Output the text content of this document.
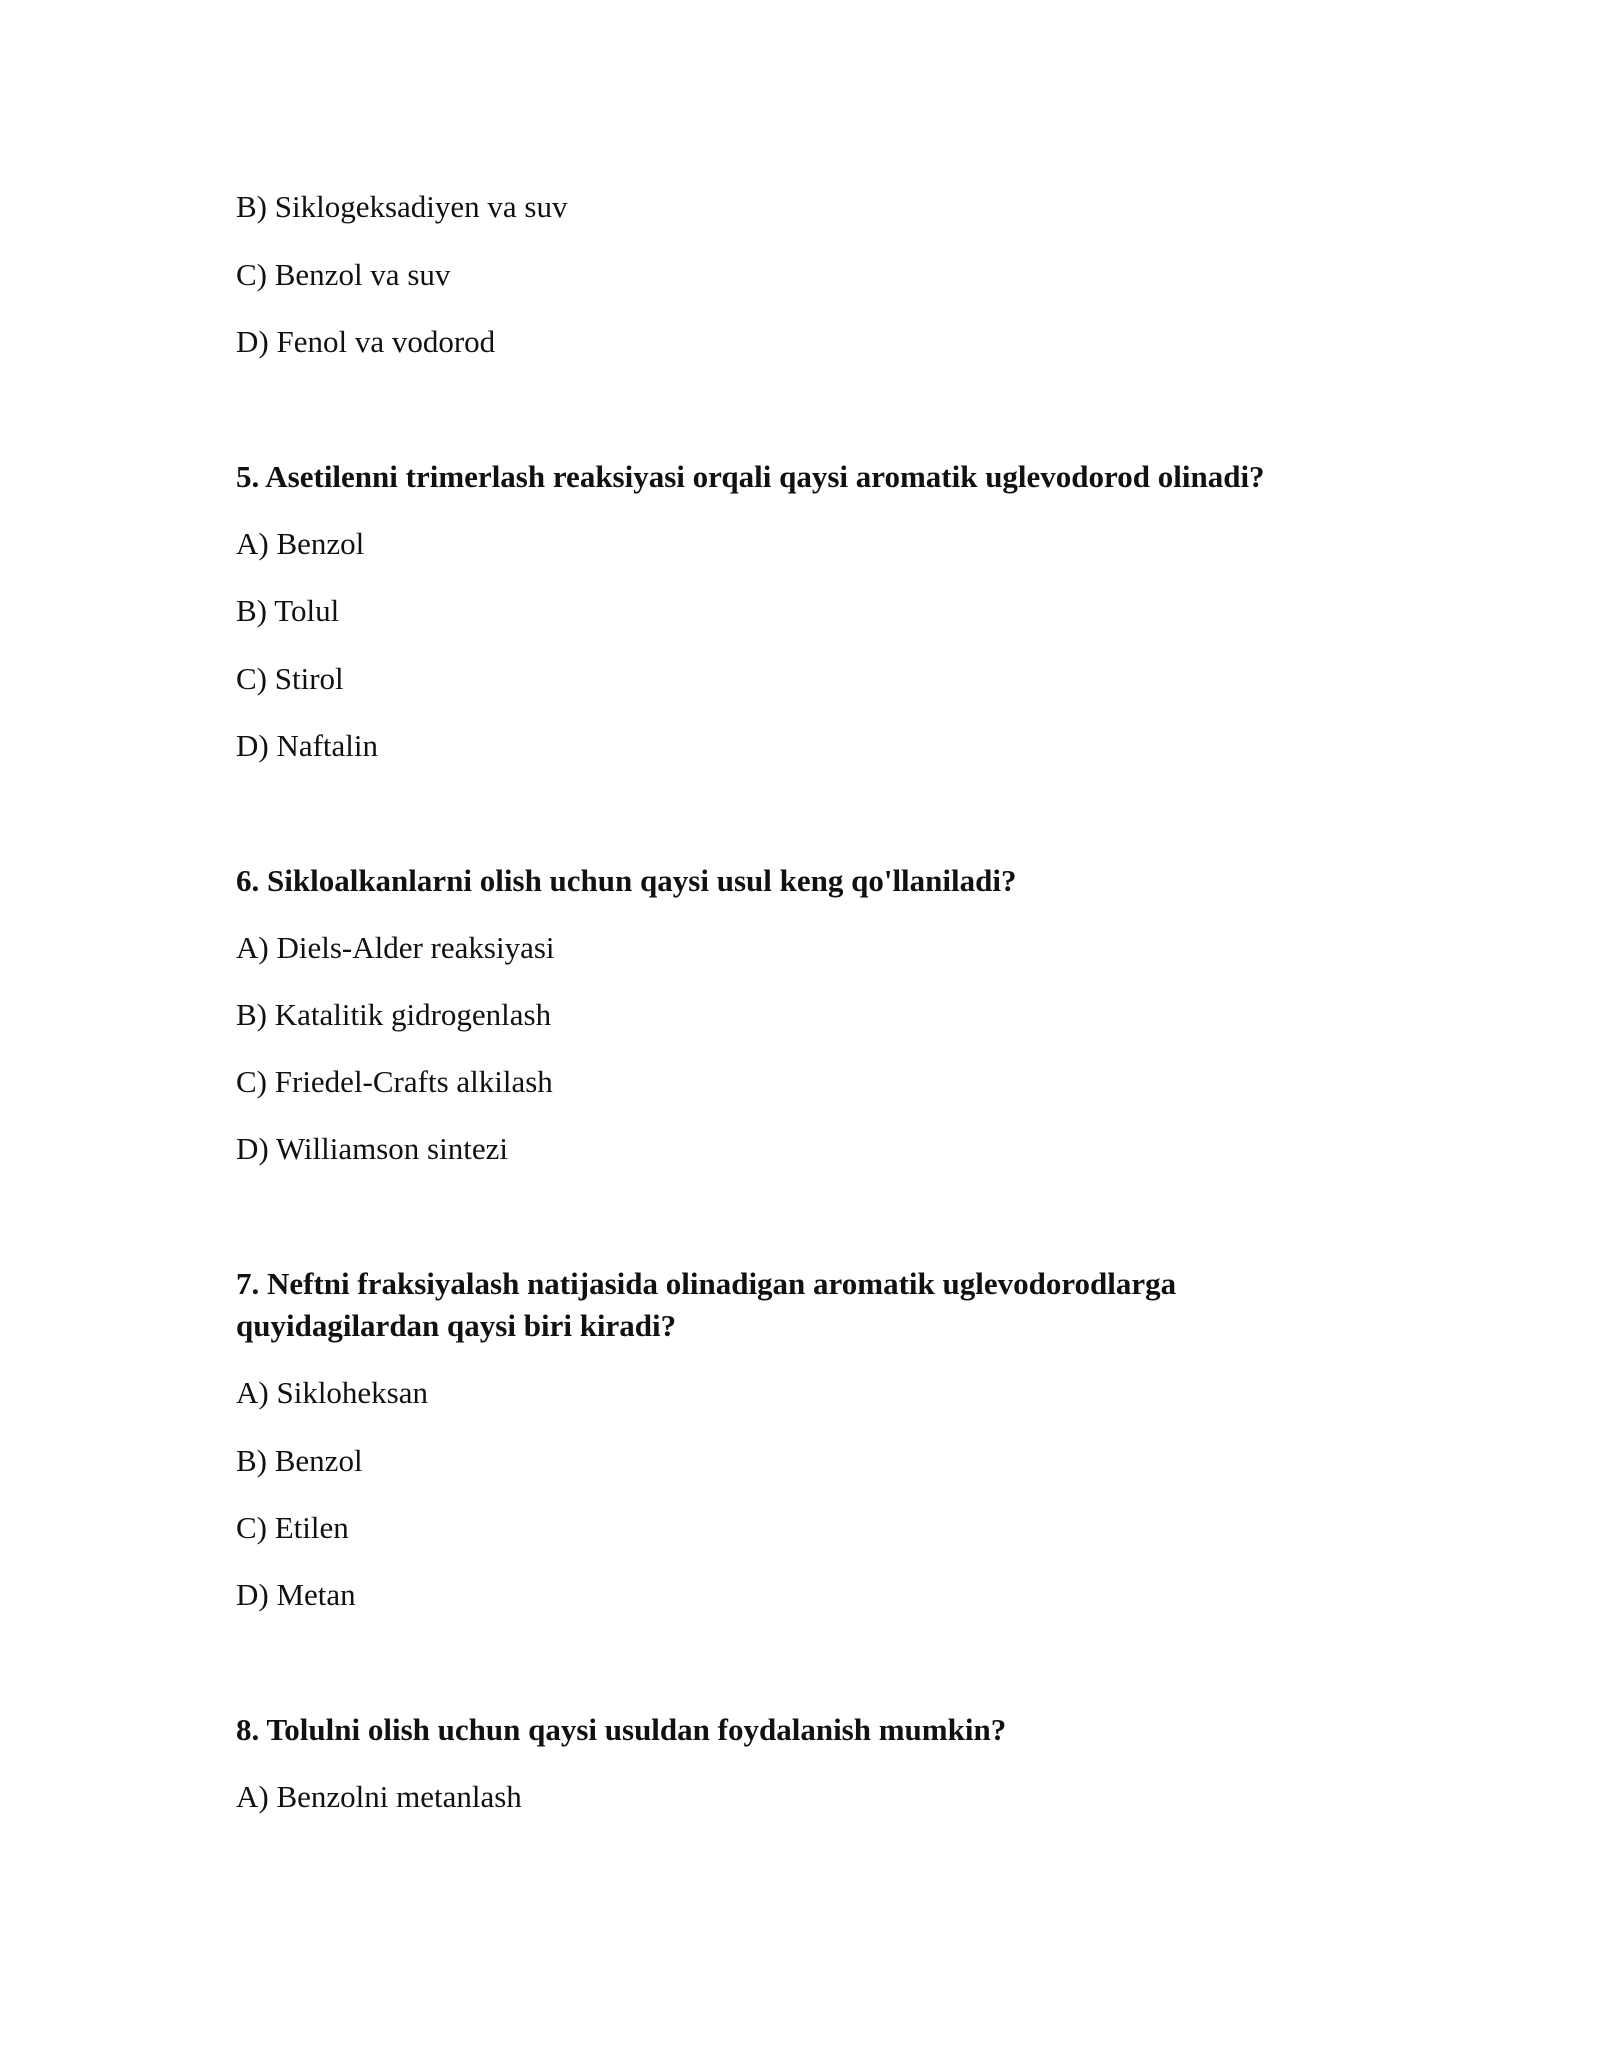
B) Siklogeksadiyen va suv
C) Benzol va suv
D) Fenol va vodorod
5. Asetilenni trimerlash reaksiyasi orqali qaysi aromatik uglevodorod olinadi?
A) Benzol
B) Tolul
C) Stirol
D) Naftalin
6. Sikloalkanlarni olish uchun qaysi usul keng qo'llaniladi?
A) Diels-Alder reaksiyasi
B) Katalitik gidrogenlash
C) Friedel-Crafts alkilash
D) Williamson sintezi
7. Neftni fraksiyalash natijasida olinadigan aromatik uglevodorodlarga
quyidagilardan qaysi biri kiradi?
A) Sikloheksan
B) Benzol
C) Etilen
D) Metan
8. Tolulni olish uchun qaysi usuldan foydalanish mumkin?
A) Benzolni metanlash
